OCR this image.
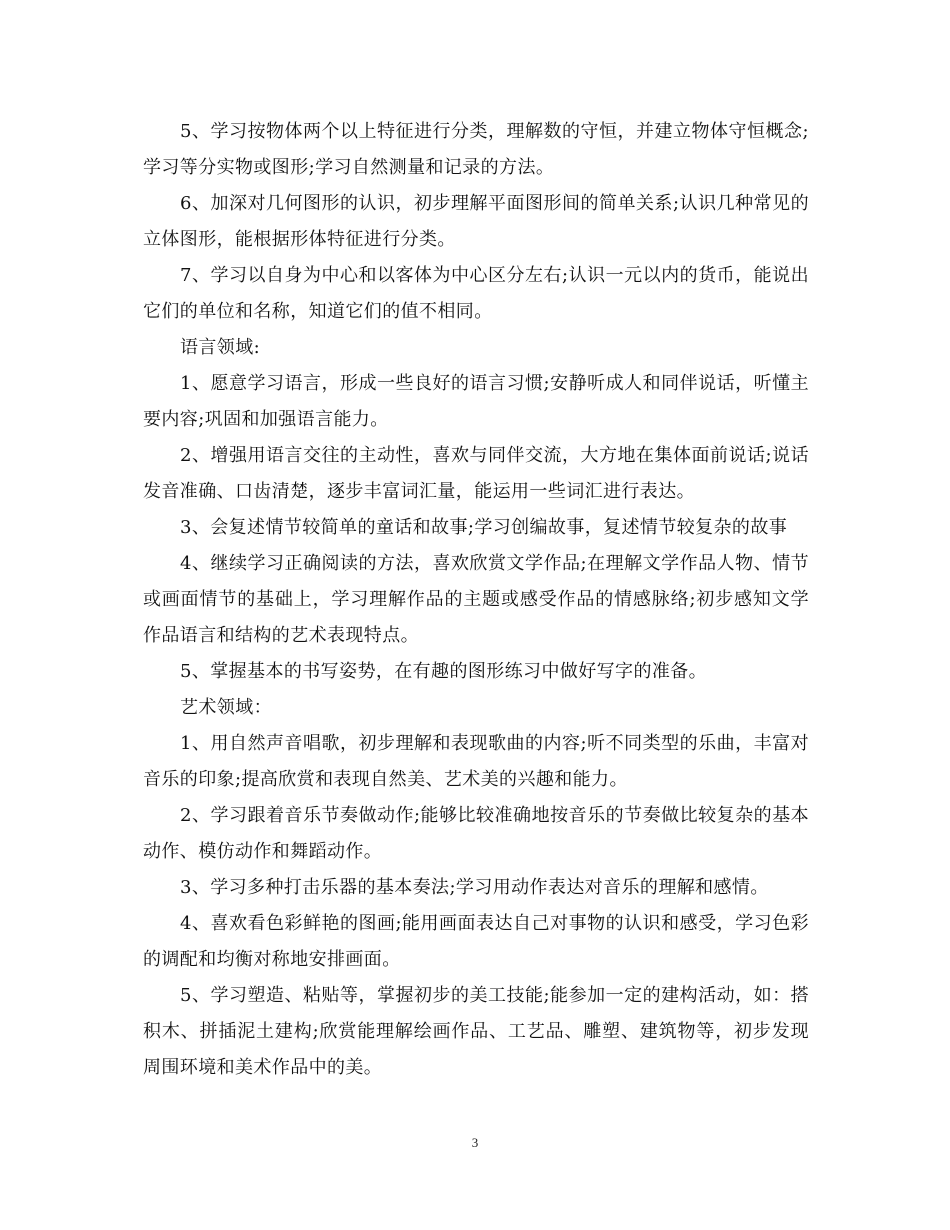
5、学习按物体两个以上特征进行分类，理解数的守恒，并建立物体守恒概念;学习等分实物或图形;学习自然测量和记录的方法。

6、加深对几何图形的认识，初步理解平面图形间的简单关系;认识几种常见的立体图形，能根据形体特征进行分类。

7、学习以自身为中心和以客体为中心区分左右;认识一元以内的货币，能说出它们的单位和名称，知道它们的值不相同。

语言领域:

1、愿意学习语言，形成一些良好的语言习惯;安静听成人和同伴说话，听懂主要内容;巩固和加强语言能力。

2、增强用语言交往的主动性，喜欢与同伴交流，大方地在集体面前说话;说话发音准确、口齿清楚，逐步丰富词汇量，能运用一些词汇进行表达。

3、会复述情节较简单的童话和故事;学习创编故事，复述情节较复杂的故事

4、继续学习正确阅读的方法，喜欢欣赏文学作品;在理解文学作品人物、情节或画面情节的基础上，学习理解作品的主题或感受作品的情感脉络;初步感知文学作品语言和结构的艺术表现特点。

5、掌握基本的书写姿势，在有趣的图形练习中做好写字的准备。

艺术领域：

1、用自然声音唱歌，初步理解和表现歌曲的内容;听不同类型的乐曲，丰富对音乐的印象;提高欣赏和表现自然美、艺术美的兴趣和能力。

2、学习跟着音乐节奏做动作;能够比较准确地按音乐的节奏做比较复杂的基本动作、模仿动作和舞蹈动作。

3、学习多种打击乐器的基本奏法;学习用动作表达对音乐的理解和感情。

4、喜欢看色彩鲜艳的图画;能用画面表达自己对事物的认识和感受，学习色彩的调配和均衡对称地安排画面。

5、学习塑造、粘贴等，掌握初步的美工技能;能参加一定的建构活动，如：搭积木、拼插泥土建构;欣赏能理解绘画作品、工艺品、雕塑、建筑物等，初步发现周围环境和美术作品中的美。

3
